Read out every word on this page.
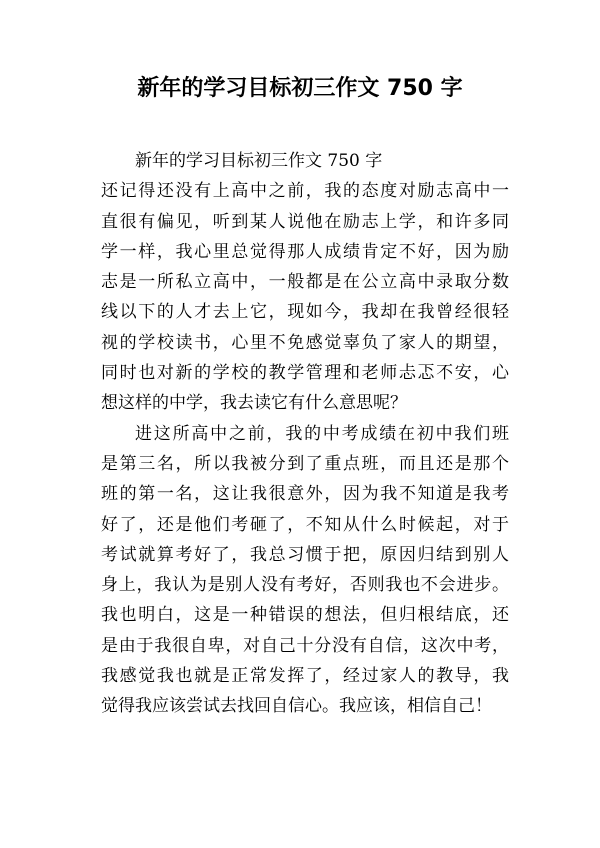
新年的学习目标初三作文 750 字
新年的学习目标初三作文 750 字
还记得还没有上高中之前，我的态度对励志高中一
直很有偏见，听到某人说他在励志上学，和许多同
学一样，我心里总觉得那人成绩肯定不好，因为励
志是一所私立高中，一般都是在公立高中录取分数
线以下的人才去上它，现如今，我却在我曾经很轻
视的学校读书，心里不免感觉辜负了家人的期望，
同时也对新的学校的教学管理和老师忐忑不安，心
想这样的中学，我去读它有什么意思呢？
进这所高中之前，我的中考成绩在初中我们班
是第三名，所以我被分到了重点班，而且还是那个
班的第一名，这让我很意外，因为我不知道是我考
好了，还是他们考砸了，不知从什么时候起，对于
考试就算考好了，我总习惯于把，原因归结到别人
身上，我认为是别人没有考好，否则我也不会进步。
我也明白，这是一种错误的想法，但归根结底，还
是由于我很自卑，对自己十分没有自信，这次中考，
我感觉我也就是正常发挥了，经过家人的教导，我
觉得我应该尝试去找回自信心。我应该，相信自己！
